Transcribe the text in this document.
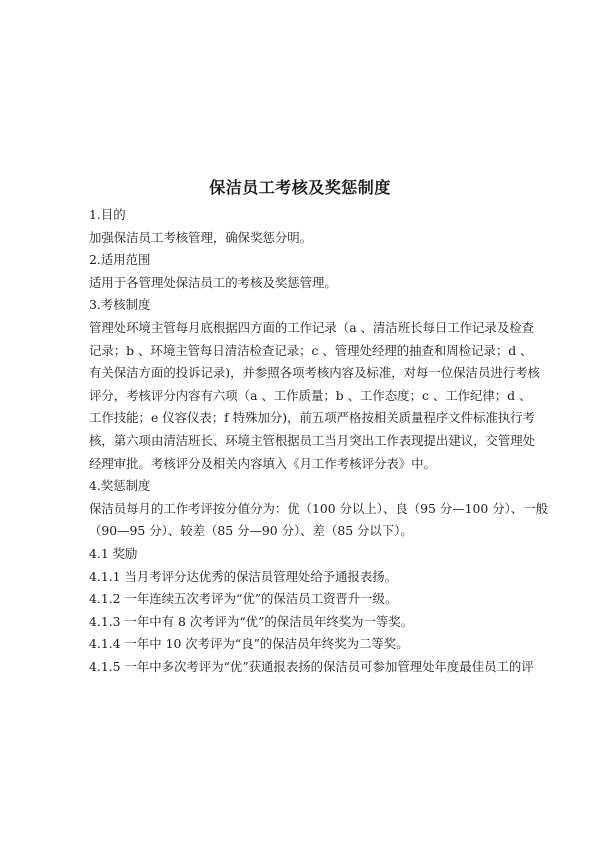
保洁员工考核及奖惩制度

1.目的

加强保洁员工考核管理，确保奖惩分明。

2.适用范围

适用于各管理处保洁员工的考核及奖惩管理。

3.考核制度

管理处环境主管每月底根据四方面的工作记录（a 、清洁班长每日工作记录及检查

记录；b 、环境主管每日清洁检查记录；c 、管理处经理的抽查和周检记录；d 、

有关保洁方面的投诉记录)，并参照各项考核内容及标准，对每一位保洁员进行考核

评分，考核评分内容有六项（a 、工作质量；b 、工作态度；c 、工作纪律；d 、

工作技能；e 仪容仪表；f 特殊加分)，前五项严格按相关质量程序文件标准执行考

核，第六项由清洁班长、环境主管根据员工当月突出工作表现提出建议，交管理处

经理审批。考核评分及相关内容填入《月工作考核评分表》中。

4.奖惩制度

保洁员每月的工作考评按分值分为：优（100 分以上）、良（95 分—100 分）、一般

（90—95 分）、较差（85 分—90 分）、差（85 分以下）。

4.1 奖励

4.1.1 当月考评分达优秀的保洁员管理处给予通报表扬。

4.1.2 一年连续五次考评为“优”的保洁员工资晋升一级。

4.1.3 一年中有 8 次考评为“优”的保洁员年终奖为一等奖。

4.1.4 一年中 10 次考评为“良”的保洁员年终奖为二等奖。

4.1.5 一年中多次考评为“优”获通报表扬的保洁员可参加管理处年度最佳员工的评
